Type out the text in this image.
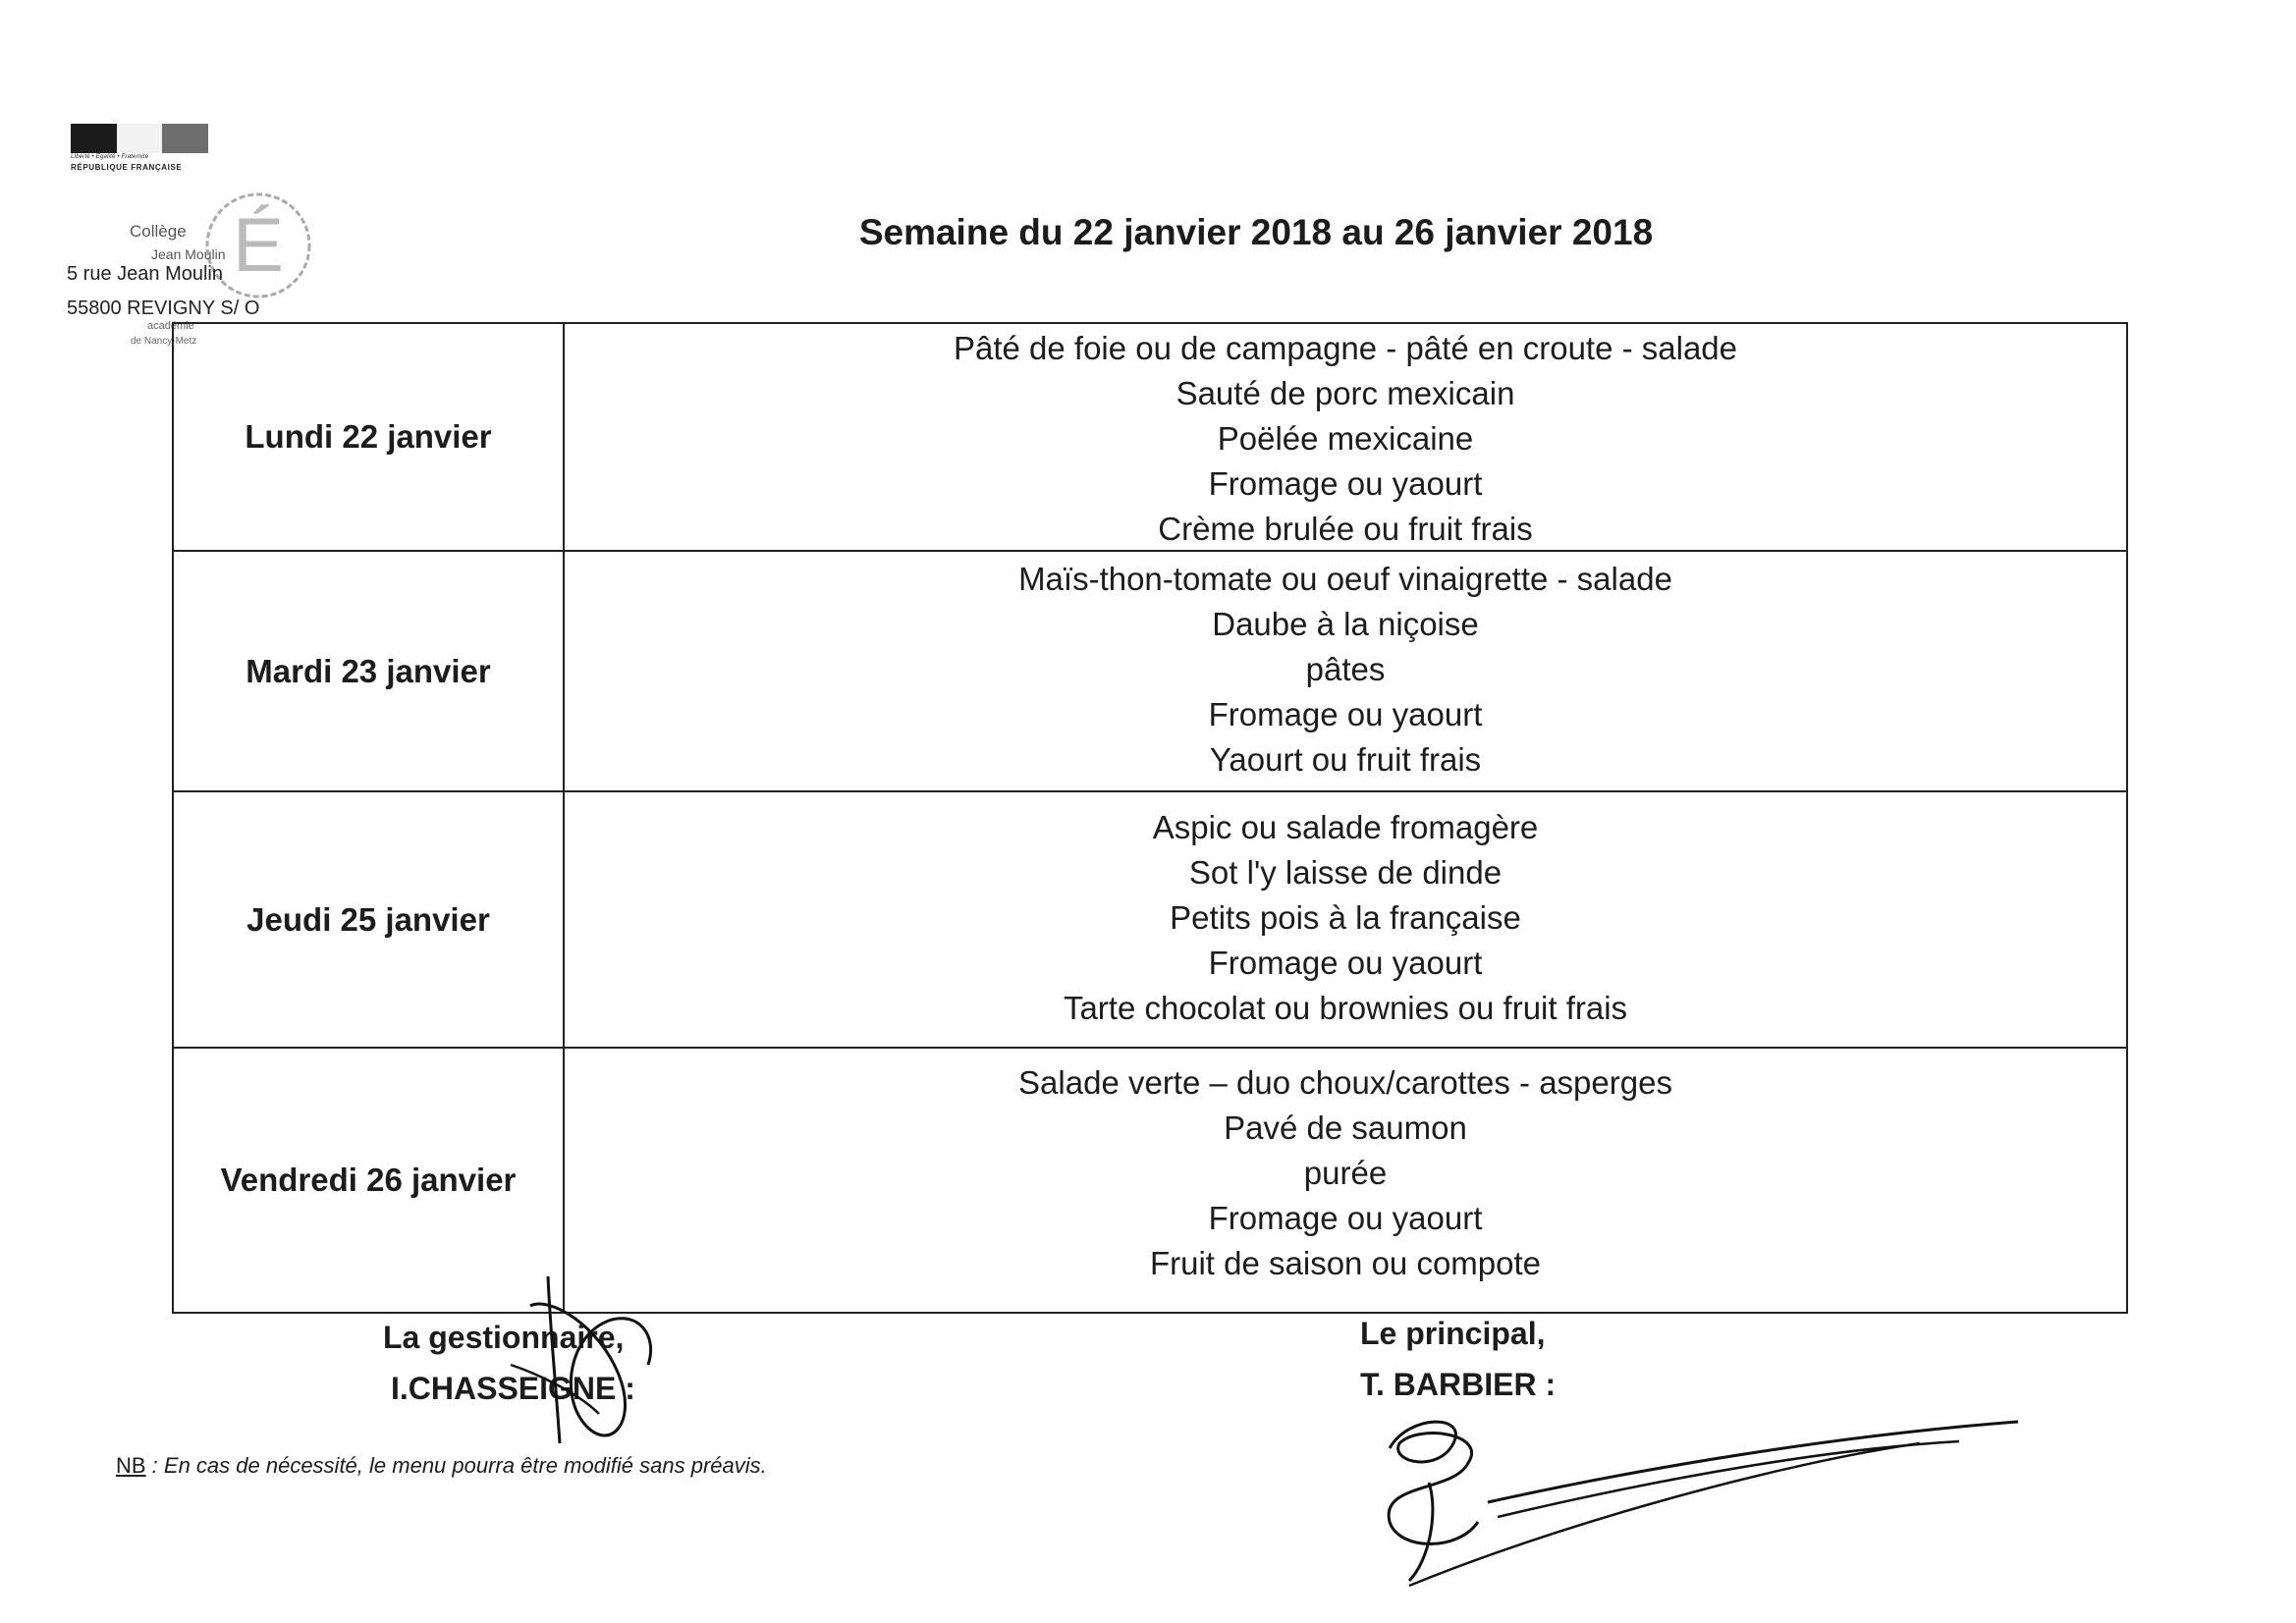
Liberté • Égalité • Fraternité
RÉPUBLIQUE FRANÇAISE
É
Collège
Jean Moulin
5 rue Jean Moulin
55800 REVIGNY S/ O
académie
de Nancy-Metz
Semaine du 22 janvier 2018 au 26 janvier 2018
Lundi 22 janvier
Pâté de foie ou de campagne - pâté en croute - salade
Sauté de porc mexicain
Poëlée mexicaine
Fromage ou yaourt
Crème brulée ou fruit frais
Mardi 23 janvier
Maïs-thon-tomate ou oeuf vinaigrette - salade
Daube à la niçoise
pâtes
Fromage ou yaourt
Yaourt ou fruit frais
Jeudi 25 janvier
Aspic ou salade fromagère
Sot l'y laisse de dinde
Petits pois à la française
Fromage ou yaourt
Tarte chocolat ou brownies ou fruit frais
Vendredi 26 janvier
Salade verte – duo choux/carottes - asperges
Pavé de saumon
purée
Fromage ou yaourt
Fruit de saison ou compote
La gestionnaire,
I.CHASSEIGNE :
Le principal,
T. BARBIER :
NB : En cas de nécessité, le menu pourra être modifié sans préavis.
